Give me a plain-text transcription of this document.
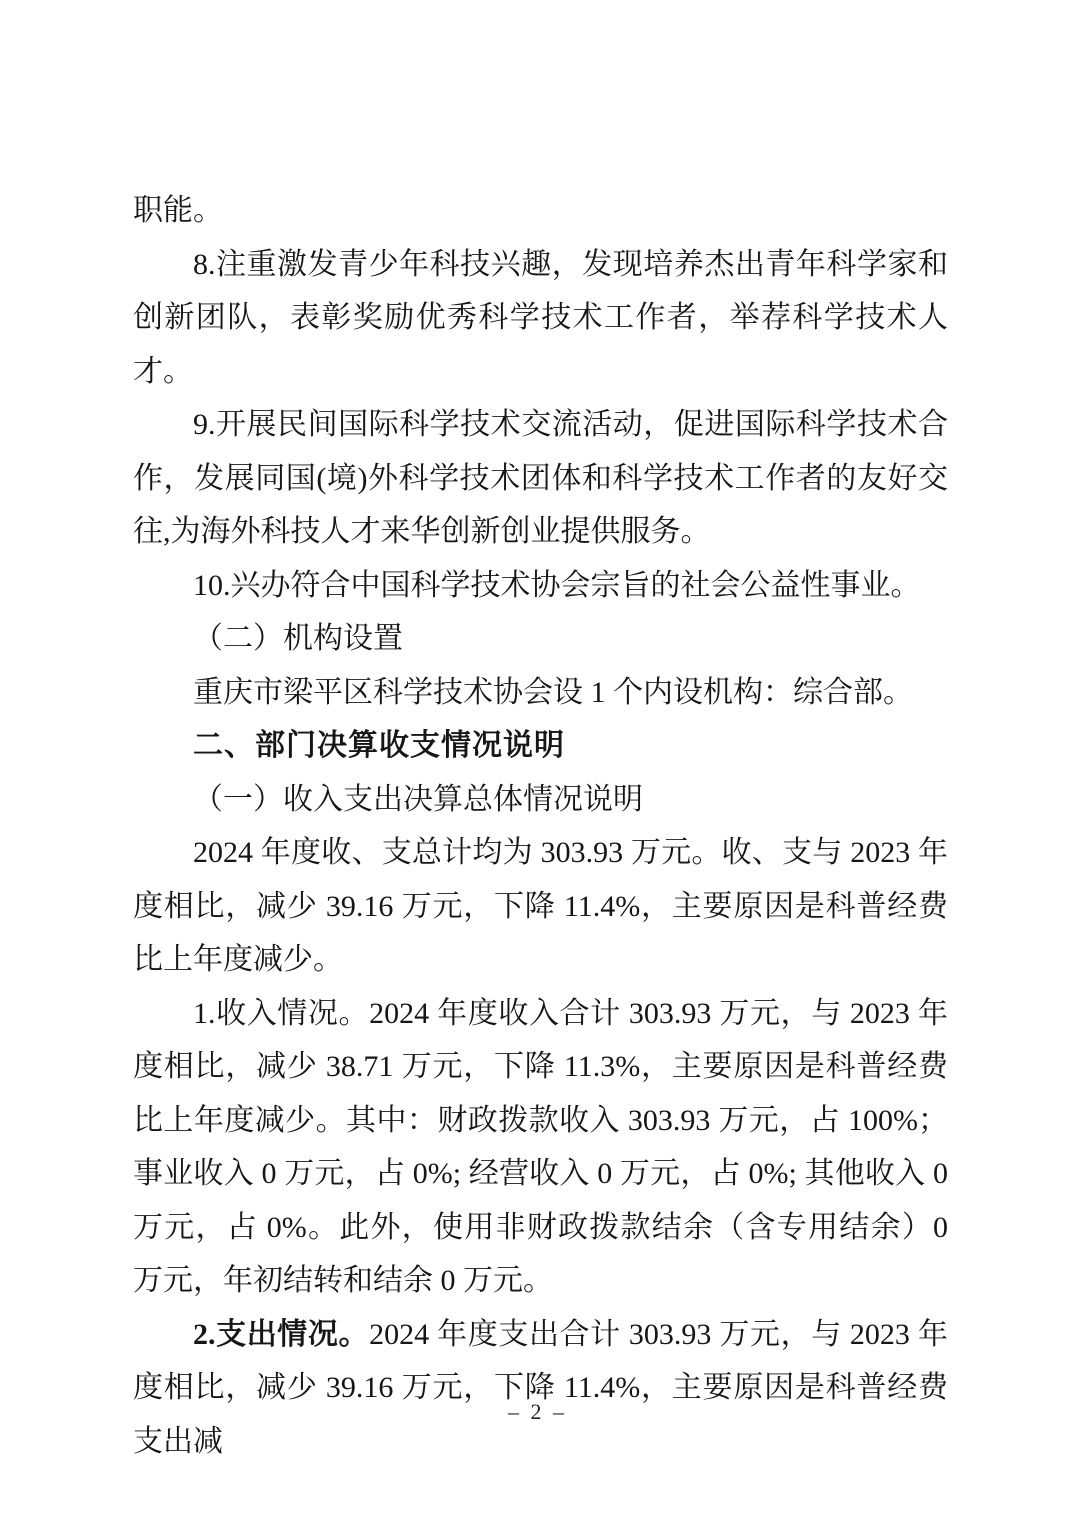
职能。

8.注重激发青少年科技兴趣，发现培养杰出青年科学家和创新团队，表彰奖励优秀科学技术工作者，举荐科学技术人才。

9.开展民间国际科学技术交流活动，促进国际科学技术合作，发展同国(境)外科学技术团体和科学技术工作者的友好交往,为海外科技人才来华创新创业提供服务。

10.兴办符合中国科学技术协会宗旨的社会公益性事业。

（二）机构设置

重庆市梁平区科学技术协会设 1 个内设机构：综合部。

二、部门决算收支情况说明

（一）收入支出决算总体情况说明

2024 年度收、支总计均为 303.93 万元。收、支与 2023 年度相比，减少 39.16 万元，下降 11.4%，主要原因是科普经费比上年度减少。

1.收入情况。2024 年度收入合计 303.93 万元，与 2023 年度相比，减少 38.71 万元，下降 11.3%，主要原因是科普经费比上年度减少。其中：财政拨款收入 303.93 万元，占 100%；事业收入 0 万元，占 0%; 经营收入 0 万元，占 0%; 其他收入 0 万元，占 0%。此外，使用非财政拨款结余（含专用结余）0 万元，年初结转和结余 0 万元。

2.支出情况。2024 年度支出合计 303.93 万元，与 2023 年度相比，减少 39.16 万元，下降 11.4%，主要原因是科普经费支出减

– 2 –
